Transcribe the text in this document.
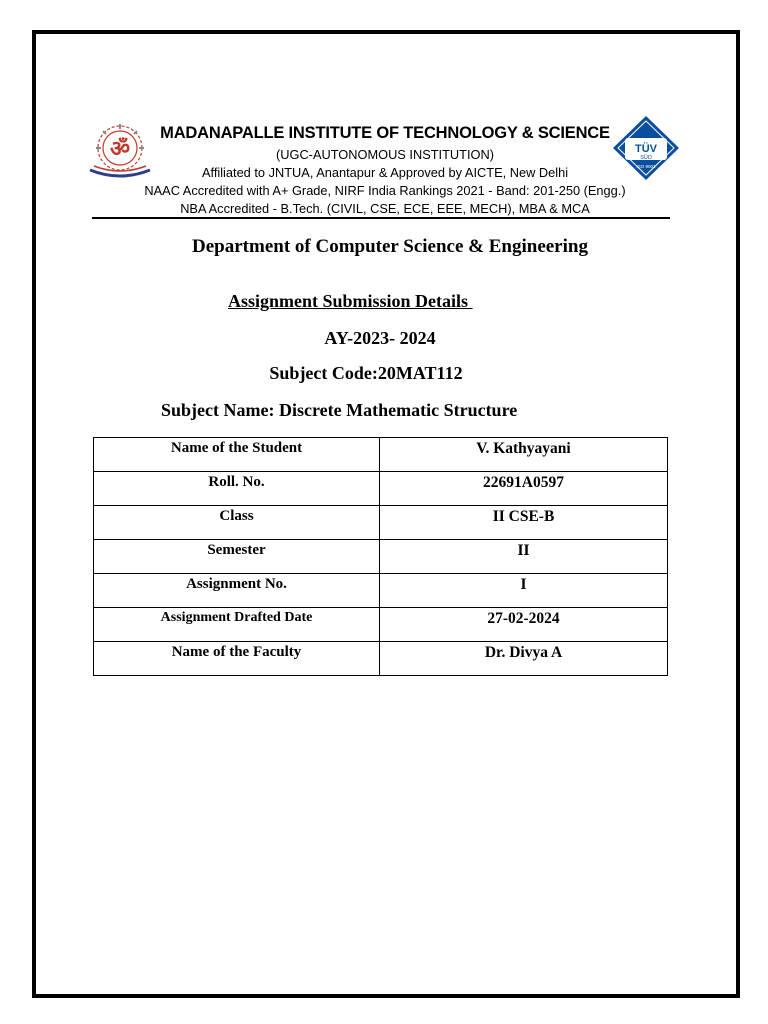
ॐ	TÜV
SÜD
ISO 9001
MADANAPALLE INSTITUTE OF TECHNOLOGY & SCIENCE
(UGC-AUTONOMOUS INSTITUTION)
Affiliated to JNTUA, Anantapur & Approved by AICTE, New Delhi
NAAC Accredited with A+ Grade, NIRF India Rankings 2021 - Band: 201-250 (Engg.)
NBA Accredited - B.Tech. (CIVIL, CSE, ECE, EEE, MECH), MBA & MCA
Department of Computer Science & Engineering
Assignment Submission Details
AY-2023- 2024
Subject Code:20MAT112
Subject Name: Discrete Mathematic Structure
Name of the Student	V. Kathyayani
Roll. No.	22691A0597
Class	II CSE-B
Semester	II
Assignment No.	I
Assignment Drafted Date	27-02-2024
Name of the Faculty	Dr. Divya A
